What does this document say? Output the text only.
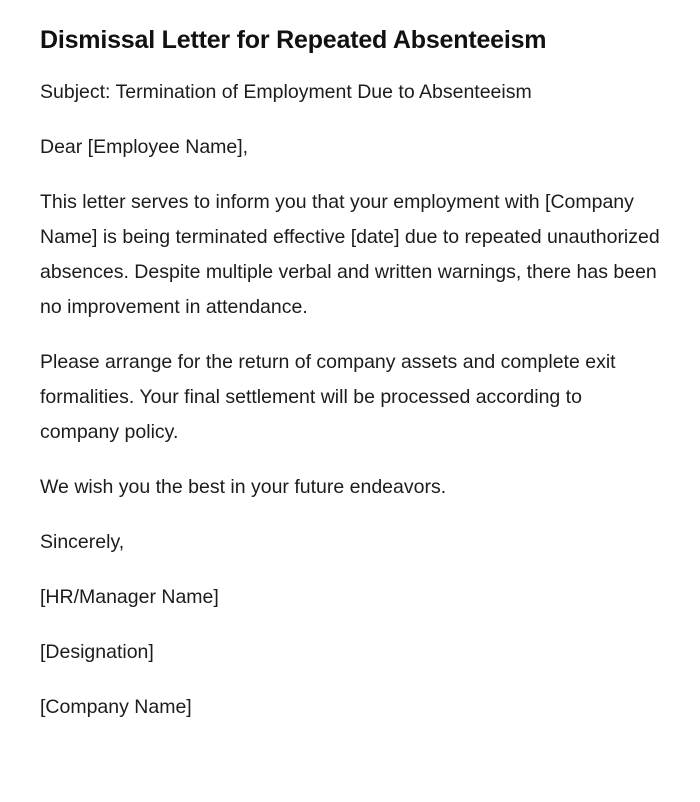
Dismissal Letter for Repeated Absenteeism

Subject: Termination of Employment Due to Absenteeism

Dear [Employee Name],

This letter serves to inform you that your employment with [Company Name] is being terminated effective [date] due to repeated unauthorized absences. Despite multiple verbal and written warnings, there has been no improvement in attendance.

Please arrange for the return of company assets and complete exit formalities. Your final settlement will be processed according to company policy.

We wish you the best in your future endeavors.

Sincerely,

[HR/Manager Name]

[Designation]

[Company Name]
